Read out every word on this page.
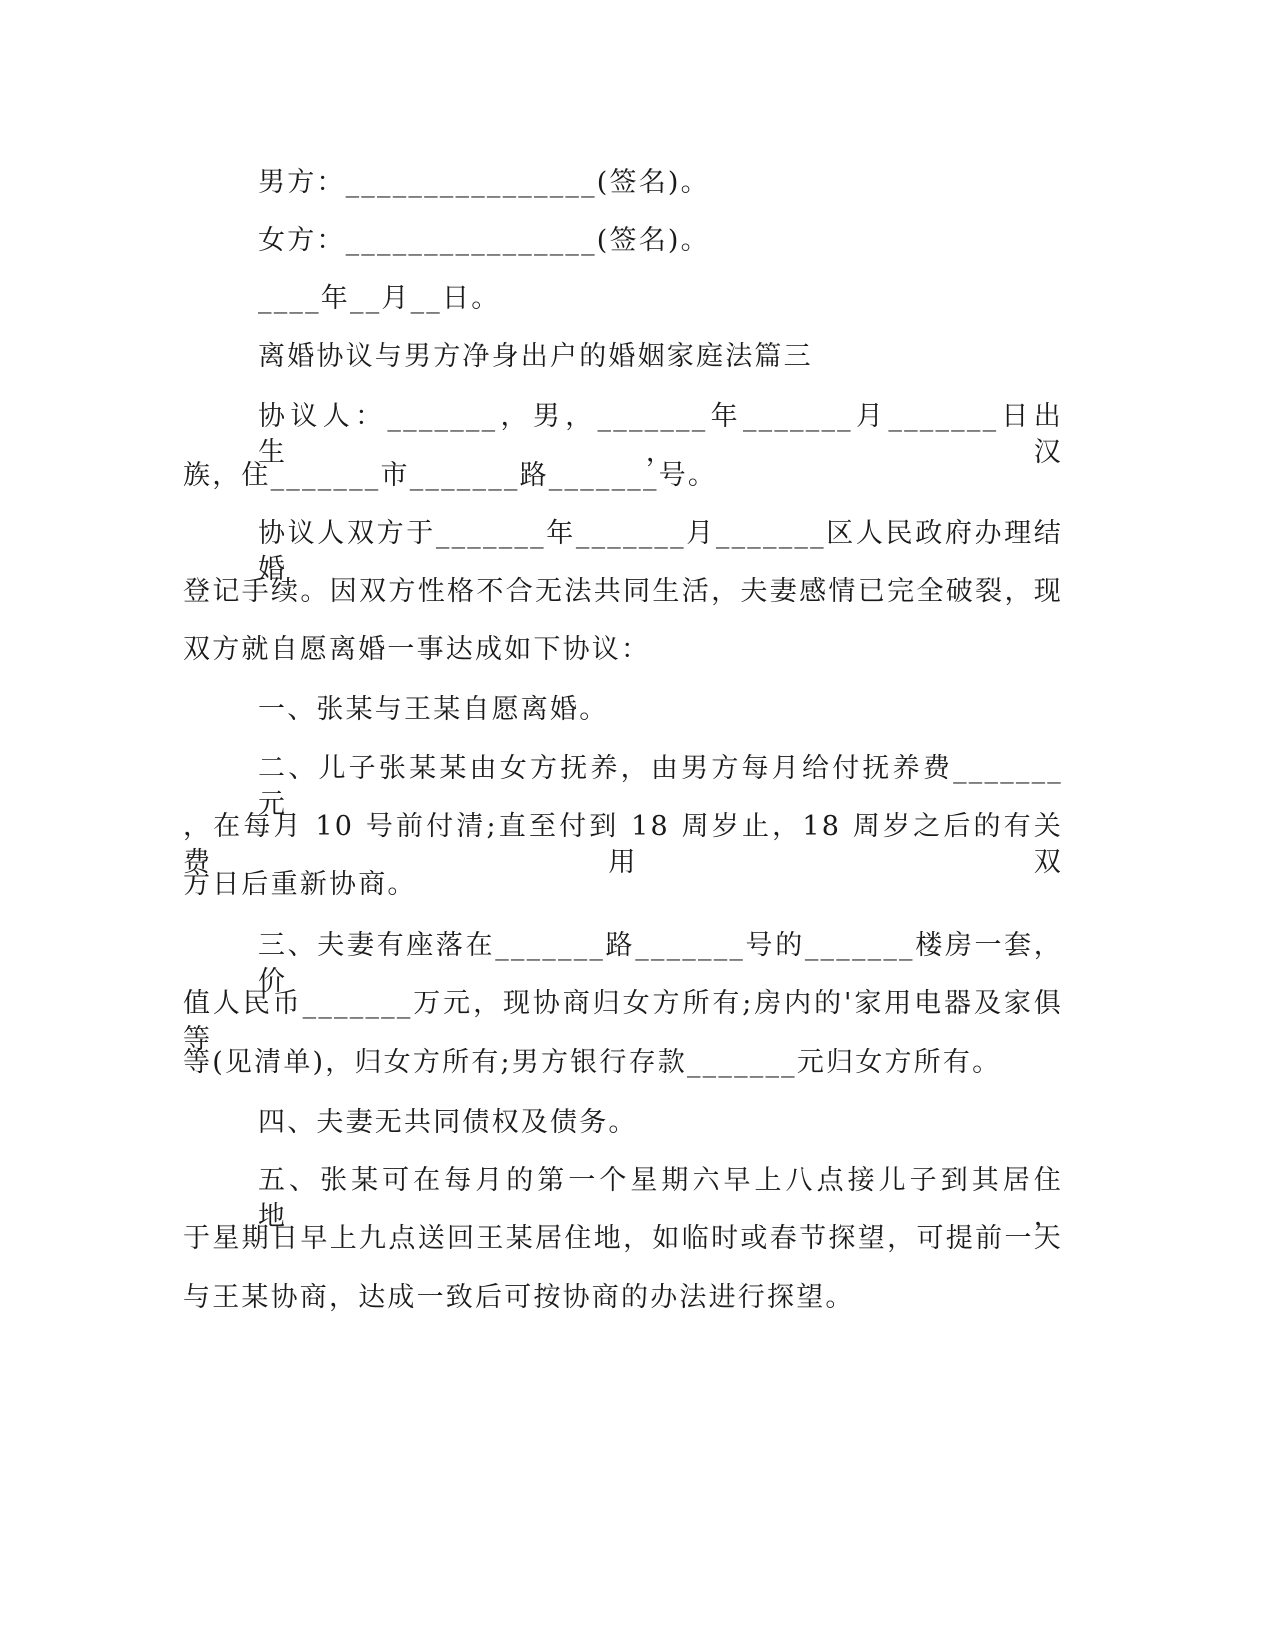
男方：________________(签名)。
女方：________________(签名)。
____年__月__日。
离婚协议与男方净身出户的婚姻家庭法篇三
协议人：_______，男，_______年_______月_______日出生，汉
族，住_______市_______路_______号。
协议人双方于_______年_______月_______区人民政府办理结婚
登记手续。因双方性格不合无法共同生活，夫妻感情已完全破裂，现
双方就自愿离婚一事达成如下协议：
一、张某与王某自愿离婚。
二、儿子张某某由女方抚养，由男方每月给付抚养费_______元
，在每月 10 号前付清;直至付到 18 周岁止，18 周岁之后的有关费用双
方日后重新协商。
三、夫妻有座落在_______路_______号的_______楼房一套，价
值人民币_______万元，现协商归女方所有;房内的'家用电器及家俱等
等(见清单)，归女方所有;男方银行存款_______元归女方所有。
四、夫妻无共同债权及债务。
五、张某可在每月的第一个星期六早上八点接儿子到其居住地，
于星期日早上九点送回王某居住地，如临时或春节探望，可提前一天
与王某协商，达成一致后可按协商的办法进行探望。
